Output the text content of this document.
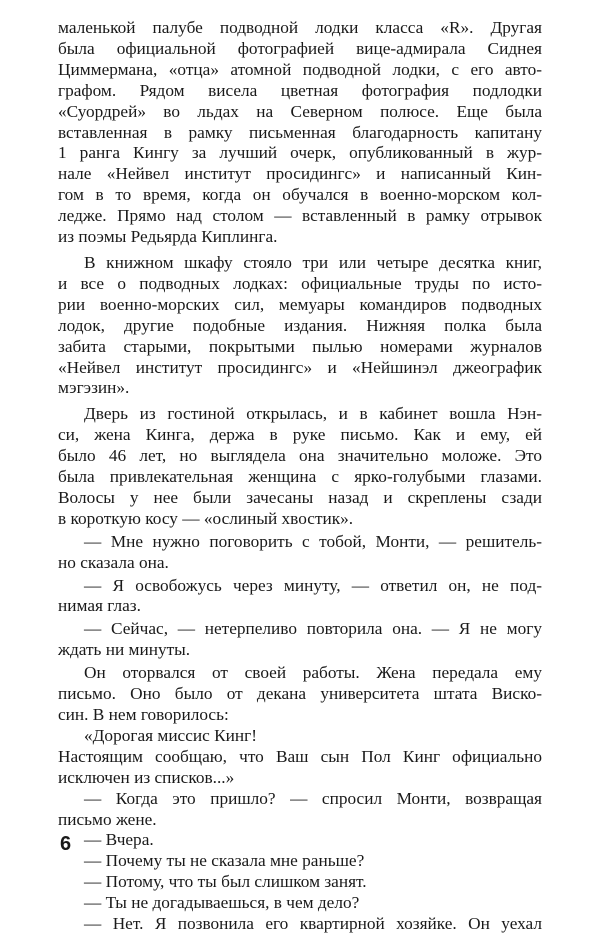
маленькой палубе подводной лодки класса «R». Другая
была официальной фотографией вице-адмирала Сиднея
Циммермана, «отца» атомной подводной лодки, с его авто-
графом. Рядом висела цветная фотография подлодки
«Суордрей» во льдах на Северном полюсе. Еще была
вставленная в рамку письменная благодарность капитану
1 ранга Кингу за лучший очерк, опубликованный в жур-
нале «Нейвел институт просидингс» и написанный Кин-
гом в то время, когда он обучался в военно-морском кол-
ледже. Прямо над столом — вставленный в рамку отрывок
из поэмы Редьярда Киплинга.
В книжном шкафу стояло три или четыре десятка книг,
и все о подводных лодках: официальные труды по исто-
рии военно-морских сил, мемуары командиров подводных
лодок, другие подобные издания. Нижняя полка была
забита старыми, покрытыми пылью номерами журналов
«Нейвел институт просидингс» и «Нейшинэл джеографик
мэгэзин».
Дверь из гостиной открылась, и в кабинет вошла Нэн-
си, жена Кинга, держа в руке письмо. Как и ему, ей
было 46 лет, но выглядела она значительно моложе. Это
была привлекательная женщина с ярко-голубыми глазами.
Волосы у нее были зачесаны назад и скреплены сзади
в короткую косу — «ослиный хвостик».
— Мне нужно поговорить с тобой, Монти, — решитель-
но сказала она.
— Я освобожусь через минуту, — ответил он, не под-
нимая глаз.
— Сейчас, — нетерпеливо повторила она. — Я не могу
ждать ни минуты.
Он оторвался от своей работы. Жена передала ему
письмо. Оно было от декана университета штата Виско-
син. В нем говорилось:
«Дорогая миссис Кинг!
Настоящим сообщаю, что Ваш сын Пол Кинг официально
исключен из списков...»
— Когда это пришло? — спросил Монти, возвращая
письмо жене.
— Вчера.
— Почему ты не сказала мне раньше?
— Потому, что ты был слишком занят.
— Ты не догадываешься, в чем дело?
— Нет. Я позвонила его квартирной хозяйке. Он уехал
6
